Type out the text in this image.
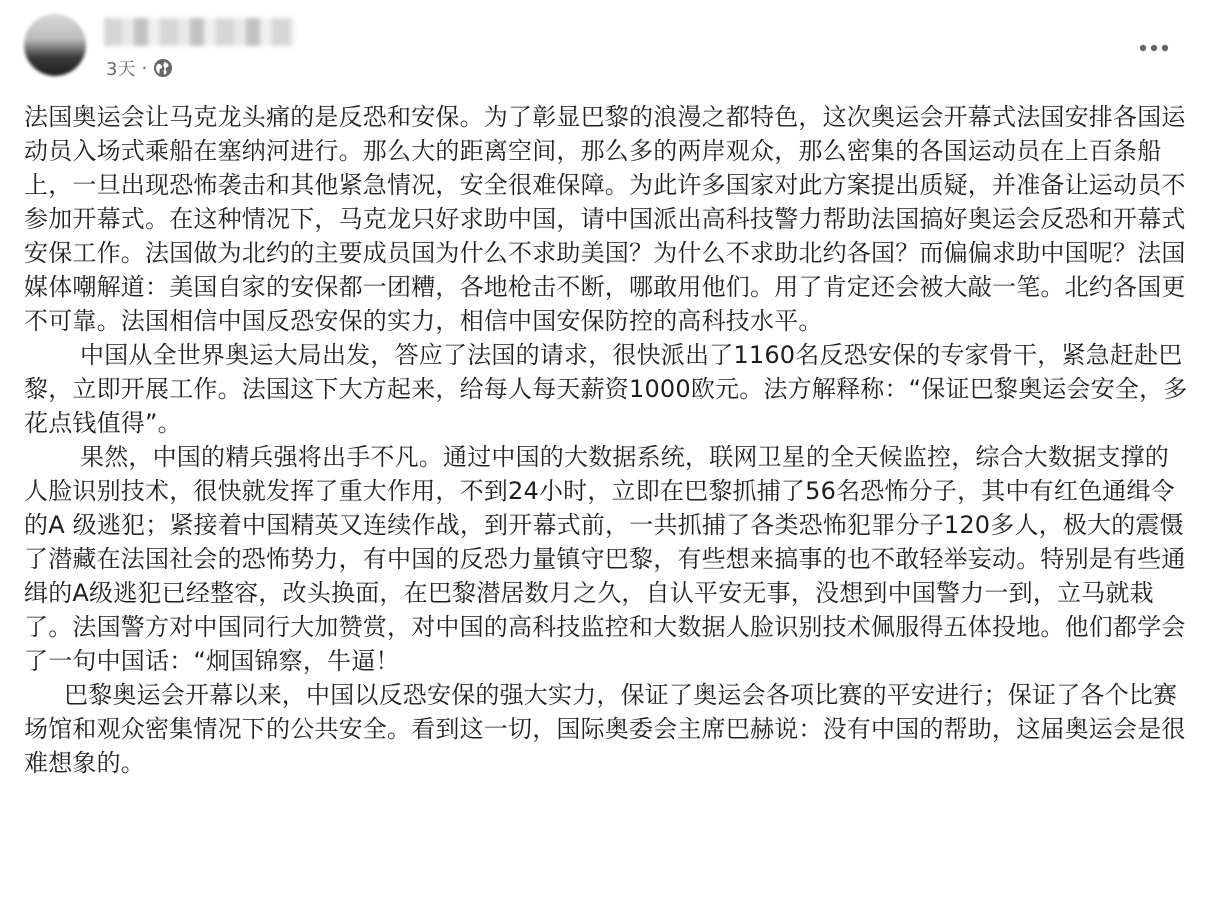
3天 ·

法国奥运会让马克龙头痛的是反恐和安保。为了彰显巴黎的浪漫之都特色，这次奥运会开幕式法国安排各国运动员入场式乘船在塞纳河进行。那么大的距离空间，那么多的两岸观众，那么密集的各国运动员在上百条船上，一旦出现恐怖袭击和其他紧急情况，安全很难保障。为此许多国家对此方案提出质疑，并准备让运动员不参加开幕式。在这种情况下，马克龙只好求助中国，请中国派出高科技警力帮助法国搞好奥运会反恐和开幕式安保工作。法国做为北约的主要成员国为什么不求助美国？为什么不求助北约各国？而偏偏求助中国呢？法国媒体嘲解道：美国自家的安保都一团糟，各地枪击不断，哪敢用他们。用了肯定还会被大敲一笔。北约各国更不可靠。法国相信中国反恐安保的实力，相信中国安保防控的高科技水平。

中国从全世界奥运大局出发，答应了法国的请求，很快派出了1160名反恐安保的专家骨干，紧急赶赴巴黎，立即开展工作。法国这下大方起来，给每人每天薪资1000欧元。法方解释称：“保证巴黎奥运会安全，多花点钱值得”。

果然，中国的精兵强将出手不凡。通过中国的大数据系统，联网卫星的全天候监控，综合大数据支撑的人脸识别技术，很快就发挥了重大作用，不到24小时，立即在巴黎抓捕了56名恐怖分子，其中有红色通缉令的A 级逃犯；紧接着中国精英又连续作战，到开幕式前，一共抓捕了各类恐怖犯罪分子120多人，极大的震慑了潜藏在法国社会的恐怖势力，有中国的反恐力量镇守巴黎，有些想来搞事的也不敢轻举妄动。特别是有些通缉的A级逃犯已经整容，改头换面，在巴黎潜居数月之久，自认平安无事，没想到中国警力一到，立马就栽了。法国警方对中国同行大加赞赏，对中国的高科技监控和大数据人脸识别技术佩服得五体投地。他们都学会了一句中国话：“炯国锦察，牛逼！

巴黎奥运会开幕以来，中国以反恐安保的强大实力，保证了奥运会各项比赛的平安进行；保证了各个比赛场馆和观众密集情况下的公共安全。看到这一切，国际奥委会主席巴赫说：没有中国的帮助，这届奥运会是很难想象的。
